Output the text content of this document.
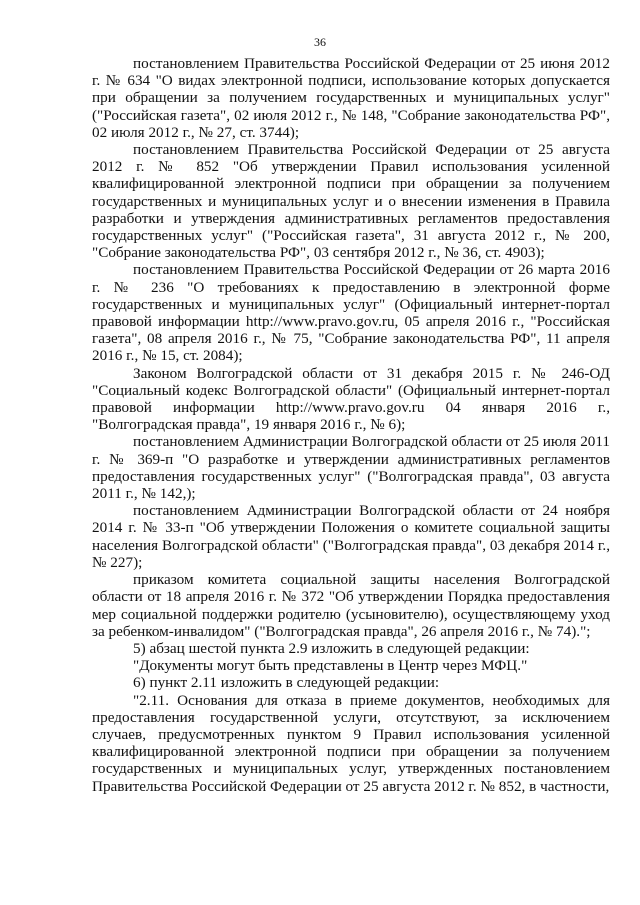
36

постановлением Правительства Российской Федерации от 25 июня 2012 г. № 634 "О видах электронной подписи, использование которых допускается при обращении за получением государственных и муниципальных услуг" ("Российская газета", 02 июля 2012 г., № 148, "Собрание законодательства РФ", 02 июля 2012 г., № 27, ст. 3744);

постановлением Правительства Российской Федерации от 25 августа 2012 г. № 852 "Об утверждении Правил использования усиленной квалифицированной электронной подписи при обращении за получением государственных и муниципальных услуг и о внесении изменения в Правила разработки и утверждения административных регламентов предоставления государственных услуг" ("Российская газета", 31 августа 2012 г., № 200, "Собрание законодательства РФ", 03 сентября 2012 г., № 36, ст. 4903);

постановлением Правительства Российской Федерации от 26 марта 2016 г. № 236 "О требованиях к предоставлению в электронной форме государственных и муниципальных услуг" (Официальный интернет-портал правовой информации http://www.pravo.gov.ru, 05 апреля 2016 г., "Российская газета", 08 апреля 2016 г., № 75, "Собрание законодательства РФ", 11 апреля 2016 г., № 15, ст. 2084);

Законом Волгоградской области от 31 декабря 2015 г. № 246-ОД "Социальный кодекс Волгоградской области" (Официальный интернет-портал правовой информации http://www.pravo.gov.ru 04 января 2016 г., "Волгоградская правда", 19 января 2016 г., № 6);

постановлением Администрации Волгоградской области от 25 июля 2011 г. № 369-п "О разработке и утверждении административных регламентов предоставления государственных услуг" ("Волгоградская правда", 03 августа 2011 г., № 142,);

постановлением Администрации Волгоградской области от 24 ноября 2014 г. № 33-п "Об утверждении Положения о комитете социальной защиты населения Волгоградской области" ("Волгоградская правда", 03 декабря 2014 г., № 227);

приказом комитета социальной защиты населения Волгоградской области от 18 апреля 2016 г. № 372 "Об утверждении Порядка предоставления мер социальной поддержки родителю (усыновителю), осуществляющему уход за ребенком-инвалидом" ("Волгоградская правда", 26 апреля 2016 г., № 74).";

5) абзац шестой пункта 2.9 изложить в следующей редакции:

"Документы могут быть представлены в Центр через МФЦ."

6) пункт 2.11 изложить в следующей редакции:

"2.11. Основания для отказа в приеме документов, необходимых для предоставления государственной услуги, отсутствуют, за исключением случаев, предусмотренных пунктом 9 Правил использования усиленной квалифицированной электронной подписи при обращении за получением государственных и муниципальных услуг, утвержденных постановлением Правительства Российской Федерации от 25 августа 2012 г. № 852, в частности,
